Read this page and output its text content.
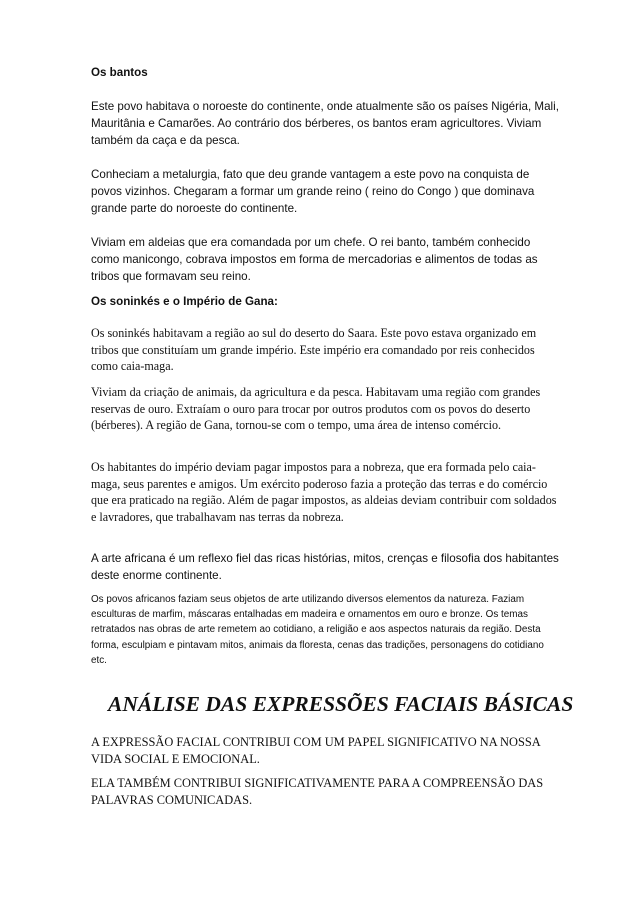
Os bantos

Este povo habitava o noroeste do continente, onde atualmente são os países Nigéria, Mali, Mauritânia e Camarões. Ao contrário dos bérberes, os bantos eram agricultores. Viviam também da caça e da pesca.

Conheciam a metalurgia, fato que deu grande vantagem a este povo na conquista de povos vizinhos. Chegaram a formar um grande reino ( reino do Congo ) que dominava grande parte do noroeste do continente.

Viviam em aldeias que era comandada por um chefe. O rei banto, também conhecido como manicongo, cobrava impostos em forma de mercadorias e alimentos de todas as tribos que formavam seu reino.

Os soninkés e o Império de Gana:

Os soninkés habitavam a região ao sul do deserto do Saara. Este povo estava organizado em tribos que constituíam um grande império. Este império era comandado por reis conhecidos como caia-maga.

Viviam da criação de animais, da agricultura e da pesca. Habitavam uma região com grandes reservas de ouro. Extraíam o ouro para trocar por outros produtos com os povos do deserto (bérberes). A região de Gana, tornou-se com o tempo, uma área de intenso comércio.

Os habitantes do império deviam pagar impostos para a nobreza, que era formada pelo caia-maga, seus parentes e amigos. Um exército poderoso fazia a proteção das terras e do comércio que era praticado na região. Além de pagar impostos, as aldeias deviam contribuir com soldados e lavradores, que trabalhavam nas terras da nobreza.

A arte africana é um reflexo fiel das ricas histórias, mitos, crenças e filosofia dos habitantes deste enorme continente.

Os povos africanos faziam seus objetos de arte utilizando diversos elementos da natureza. Faziam esculturas de marfim, máscaras entalhadas em madeira e ornamentos em ouro e bronze. Os temas retratados nas obras de arte remetem ao cotidiano, a religião e aos aspectos naturais da região. Desta forma, esculpiam e pintavam mitos, animais da floresta, cenas das tradições, personagens do cotidiano etc.

ANÁLISE DAS EXPRESSÕES FACIAIS BÁSICAS

A EXPRESSÃO FACIAL CONTRIBUI COM UM PAPEL SIGNIFICATIVO NA NOSSA VIDA SOCIAL E EMOCIONAL.

ELA TAMBÉM CONTRIBUI SIGNIFICATIVAMENTE PARA A COMPREENSÃO DAS PALAVRAS COMUNICADAS.
